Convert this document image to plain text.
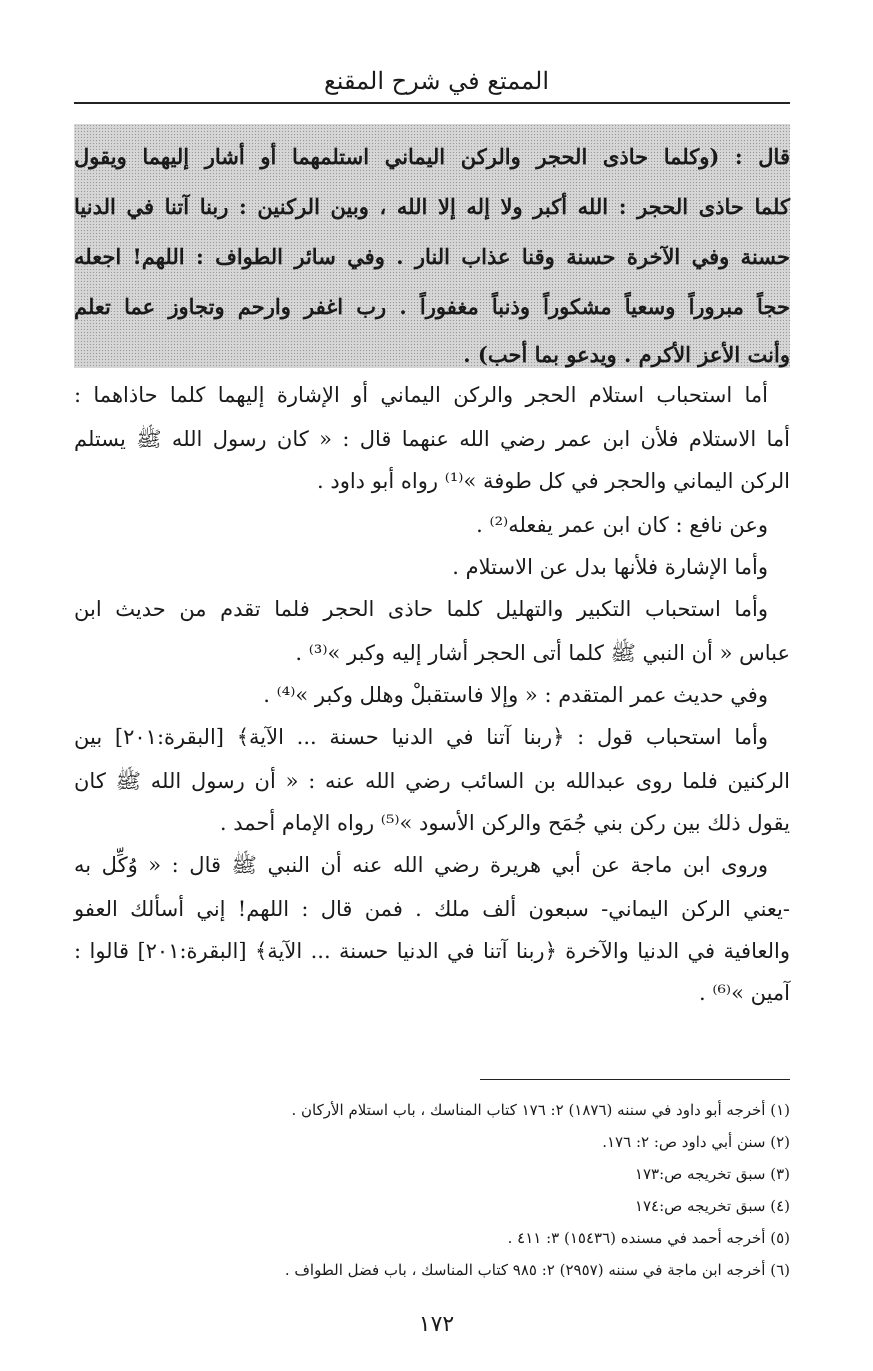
الممتع في شرح المقنع
قال : (وكلما حاذى الحجر والركن اليماني استلمهما أو أشار إليهما ويقول
كلما حاذى الحجر : الله أكبر ولا إله إلا الله ، وبين الركنين : ربنا آتنا في الدنيا
حسنة وفي الآخرة حسنة وقنا عذاب النار . وفي سائر الطواف : اللهم! اجعله
حجاً مبروراً وسعياً مشكوراً وذنباً مغفوراً . رب اغفر وارحم وتجاوز عما تعلم
وأنت الأعز الأكرم . ويدعو بما أحب) .
أما استحباب استلام الحجر والركن اليماني أو الإشارة إليهما كلما حاذاهما :
أما الاستلام فلأن ابن عمر رضي الله عنهما قال : « كان رسول الله ﷺ يستلم
الركن اليماني والحجر في كل طوفة »⁽¹⁾ رواه أبو داود .
وعن نافع : كان ابن عمر يفعله⁽²⁾ .
وأما الإشارة فلأنها بدل عن الاستلام .
وأما استحباب التكبير والتهليل كلما حاذى الحجر فلما تقدم من حديث ابن
عباس « أن النبي ﷺ كلما أتى الحجر أشار إليه وكبر »⁽³⁾ .
وفي حديث عمر المتقدم : « وإلا فاستقبلْ وهلل وكبر »⁽⁴⁾ .
وأما استحباب قول : ﴿ربنا آتنا في الدنيا حسنة ... الآية﴾ [البقرة:٢٠١] بين
الركنين فلما روى عبدالله بن السائب رضي الله عنه : « أن رسول الله ﷺ كان
يقول ذلك بين ركن بني جُمَح والركن الأسود »⁽⁵⁾ رواه الإمام أحمد .
وروى ابن ماجة عن أبي هريرة رضي الله عنه أن النبي ﷺ قال : « وُكِّل به
-يعني الركن اليماني- سبعون ألف ملك . فمن قال : اللهم! إني أسألك العفو
والعافية في الدنيا والآخرة ﴿ربنا آتنا في الدنيا حسنة ... الآية﴾ [البقرة:٢٠١] قالوا :
آمين »⁽⁶⁾ .
(١) أخرجه أبو داود في سننه (١٨٧٦) ٢: ١٧٦ كتاب المناسك ، باب استلام الأركان .
(٢) سنن أبي داود ص: ٢: ١٧٦.
(٣) سبق تخريجه ص:١٧٣
(٤) سبق تخريجه ص:١٧٤
(٥) أخرجه أحمد في مسنده (١٥٤٣٦) ٣: ٤١١ .
(٦) أخرجه ابن ماجة في سننه (٢٩٥٧) ٢: ٩٨٥ كتاب المناسك ، باب فضل الطواف .
١٧٢
